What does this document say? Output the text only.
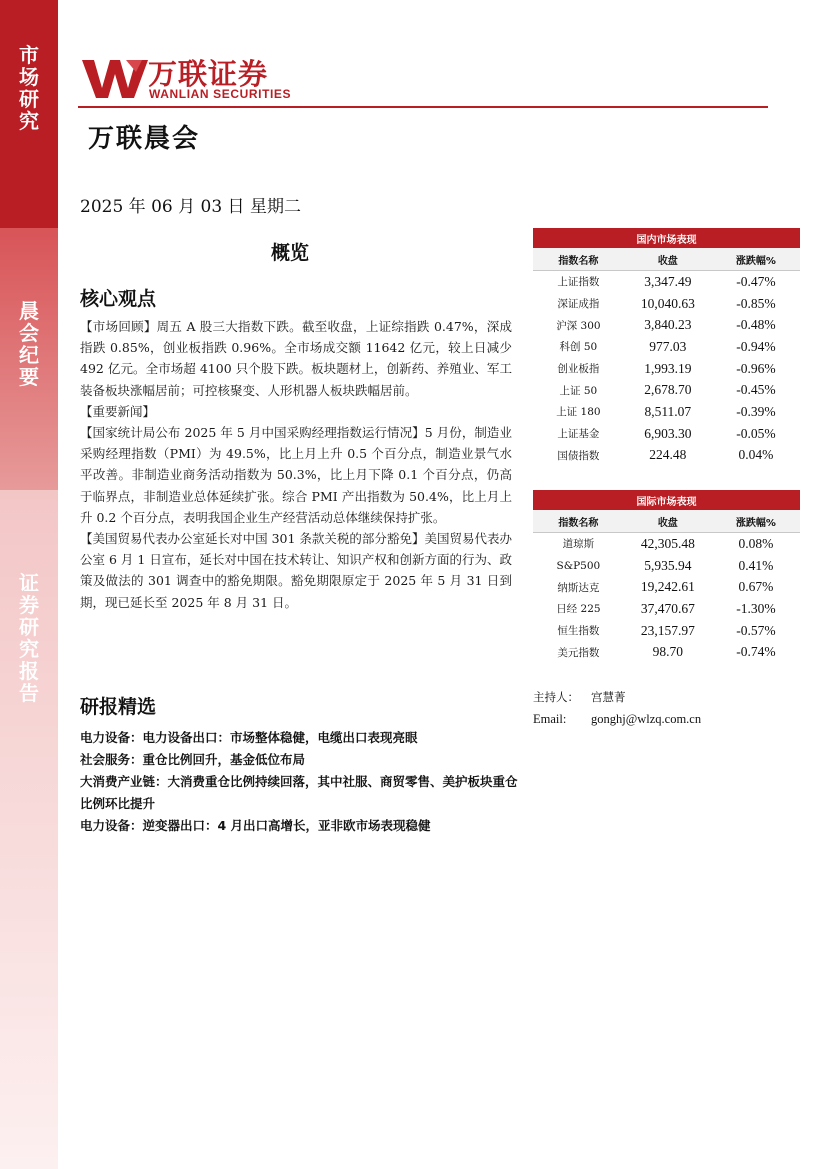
市
场
研
究
晨
会
纪
要
证
券
研
究
报
告
万联证券
WANLIAN SECURITIES
万联晨会
2025 年 06 月 03 日 星期二
概览
核心观点

【市场回顾】周五 A 股三大指数下跌。截至收盘，上证综指跌 0.47%，深成指跌 0.85%，创业板指跌 0.96%。全市场成交额 11642 亿元，较上日减少 492 亿元。全市场超 4100 只个股下跌。板块题材上，创新药、养殖业、军工装备板块涨幅居前；可控核聚变、人形机器人板块跌幅居前。

【重要新闻】

【国家统计局公布 2025 年 5 月中国采购经理指数运行情况】5 月份，制造业采购经理指数（PMI）为 49.5%，比上月上升 0.5 个百分点，制造业景气水平改善。非制造业商务活动指数为 50.3%，比上月下降 0.1 个百分点，仍高于临界点，非制造业总体延续扩张。综合 PMI 产出指数为 50.4%，比上月上升 0.2 个百分点，表明我国企业生产经营活动总体继续保持扩张。

【美国贸易代表办公室延长对中国 301 条款关税的部分豁免】美国贸易代表办公室 6 月 1 日宣布，延长对中国在技术转让、知识产权和创新方面的行为、政策及做法的 301 调查中的豁免期限。豁免期限原定于 2025 年 5 月 31 日到期，现已延长至 2025 年 8 月 31 日。

研报精选

电力设备：电力设备出口：市场整体稳健，电缆出口表现亮眼

社会服务：重仓比例回升，基金低位布局

大消费产业链：大消费重仓比例持续回落，其中社服、商贸零售、美护板块重仓比例环比提升

电力设备：逆变器出口：4 月出口高增长，亚非欧市场表现稳健

国内市场表现		
指数名称	收盘	涨跌幅%
上证指数	3,347.49	-0.47%
深证成指	10,040.63	-0.85%
沪深 300	3,840.23	-0.48%
科创 50	977.03	-0.94%
创业板指	1,993.19	-0.96%
上证 50	2,678.70	-0.45%
上证 180	8,511.07	-0.39%
上证基金	6,903.30	-0.05%
国债指数	224.48	0.04%
国际市场表现		
指数名称	收盘	涨跌幅%
道琼斯	42,305.48	0.08%
S&P500	5,935.94	0.41%
纳斯达克	19,242.61	0.67%
日经 225	37,470.67	-1.30%
恒生指数	23,157.97	-0.57%
美元指数	98.70	-0.74%
主持人： 宫慧菁
Email: gonghj@wlzq.com.cn
